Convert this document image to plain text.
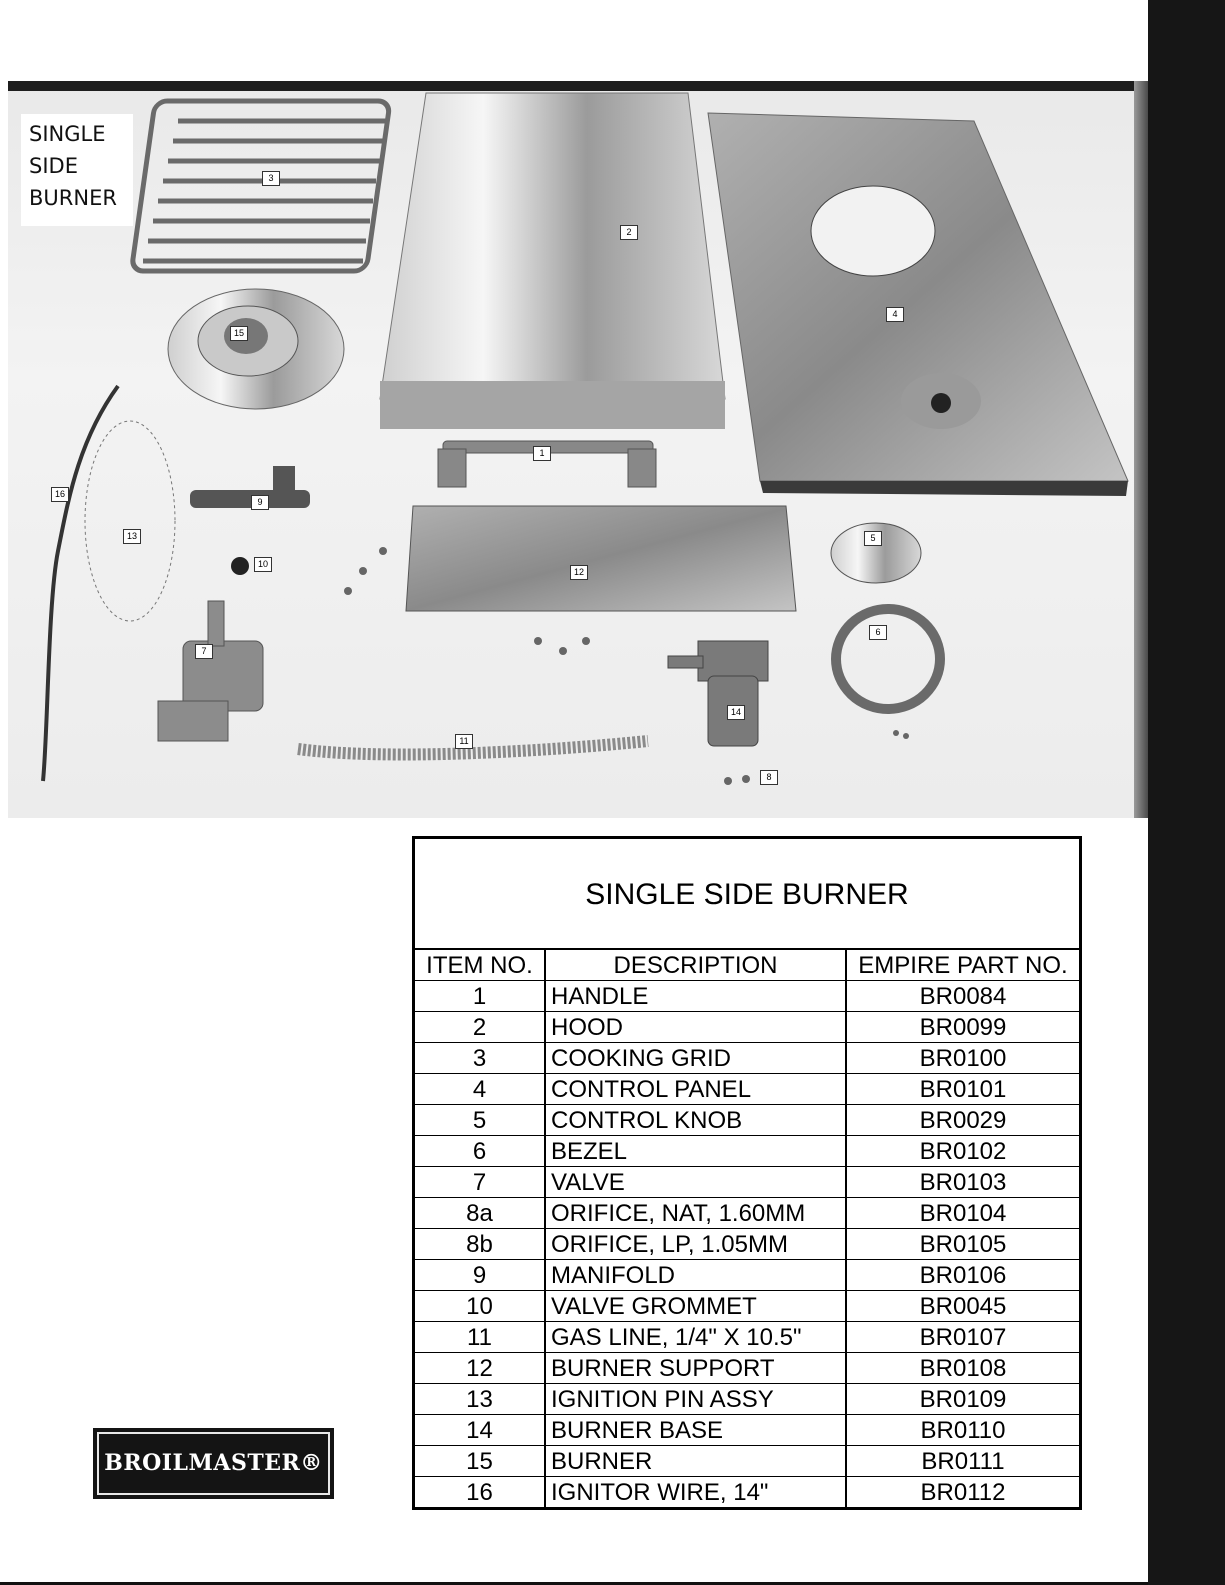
SINGLE
SIDE
BURNER
3
2
4
15
1
16
9
13
10
12
5
6
7
14
11
8
SINGLE SIDE BURNER
ITEM NO.	DESCRIPTION	EMPIRE PART NO.
1	HANDLE	BR0084
2	HOOD	BR0099
3	COOKING GRID	BR0100
4	CONTROL PANEL	BR0101
5	CONTROL KNOB	BR0029
6	BEZEL	BR0102
7	VALVE	BR0103
8a	ORIFICE, NAT, 1.60MM	BR0104
8b	ORIFICE, LP, 1.05MM	BR0105
9	MANIFOLD	BR0106
10	VALVE GROMMET	BR0045
11	GAS LINE, 1/4" X 10.5"	BR0107
12	BURNER SUPPORT	BR0108
13	IGNITION PIN ASSY	BR0109
14	BURNER BASE	BR0110
15	BURNER	BR0111
16	IGNITOR WIRE, 14"	BR0112
BROILMASTER®
